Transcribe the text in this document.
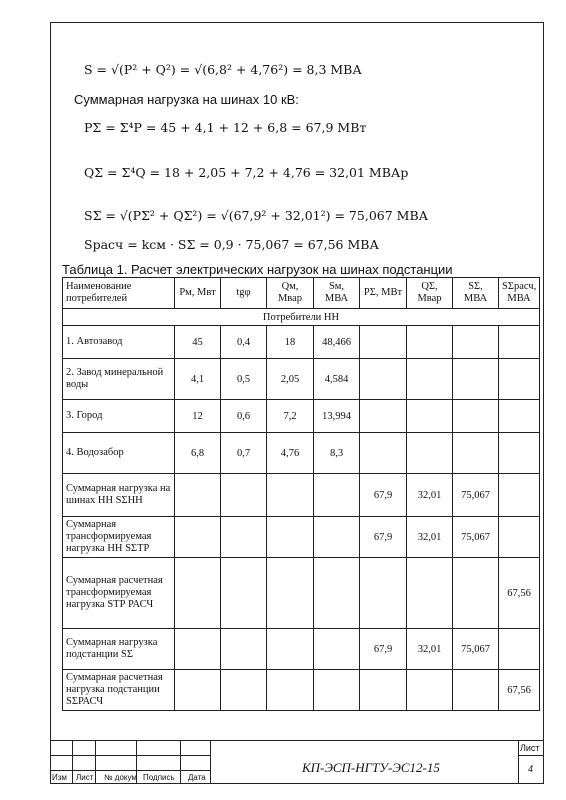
S = √(P² + Q²) = √(6,8² + 4,76²) = 8,3 МВА
Суммарная нагрузка на шинах 10 кВ:
PΣ = Σ⁴P = 45 + 4,1 + 12 + 6,8 = 67,9 МВт
QΣ = Σ⁴Q = 18 + 2,05 + 7,2 + 4,76 = 32,01 МВАр
SΣ = √(PΣ² + QΣ²) = √(67,9² + 32,01²) = 75,067 МВА
Sрасч = kсм · SΣ = 0,9 · 75,067 = 67,56 МВА
Таблица 1. Расчет электрических нагрузок на шинах подстанции
Наименование потребителей	Pм, Мвт	tgφ	Qм, Мвар	Sм, МВА	PΣ, МВт	QΣ, Мвар	SΣ, МВА	SΣрасч, МВА
Потребители НН								
1. Автозавод	45	0,4	18	48,466				
2. Завод минеральной воды	4,1	0,5	2,05	4,584				
3. Город	12	0,6	7,2	13,994				
4. Водозабор	6,8	0,7	4,76	8,3				
Суммарная нагрузка на шинах НН SΣНН					67,9	32,01	75,067	
Суммарная трансформируемая нагрузка НН SΣТР					67,9	32,01	75,067	
Суммарная расчетная трансформируемая нагрузка SТР РАСЧ								67,56
Суммарная нагрузка подстанции SΣ					67,9	32,01	75,067	
Суммарная расчетная нагрузка подстанции SΣРАСЧ								67,56
Изм Лист № докум Подпись Дата
КП-ЭСП-НГТУ-ЭС12-15
Лист
4
